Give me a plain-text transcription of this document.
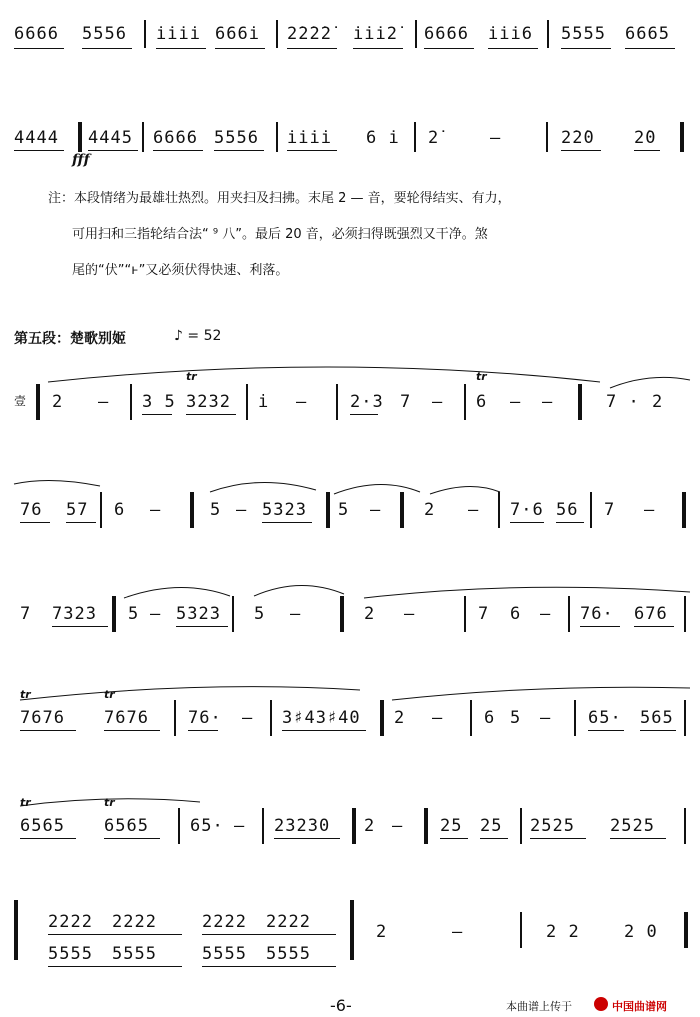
6666 5556 i̇i̇i̇i̇ 666i̇ 2̇2̇2̇2̇ i̇i̇i̇2̇ 6666 i̇i̇i̇6 5555 6665
4444 4445 6666 5556 i̇i̇i̇i̇ 6 i̇ 2̇	—	2̇2̇0 2̇0
fff
注：本段情绪为最雄壮热烈。用夹扫及扫拂。末尾 2̇ — 音，要轮得结实、有力，
可用扫和三指轮结合法“ ⁹ 八”。最后 2̇0 音，必须扫得既强烈又干净。煞
尾的“伏”“ⱶ”又必须伏得快速、利落。
第五段：楚歌别姬	♪ = 52
壹 2 — 3 5 3232 i —	2·3 7 —
tr
6 — —	7 · 2
tr
76 57 6 —	5 — 5323 5 —	2 — 7·6 56 7 —
7 7323 5 — 5323 5 —	2 —	7 6 — 76· 676
tr	tr
7676 7676 76· — 3♯43♯40 2 — 6 5 — 65· 565
tr	tr
6565 6565 65· — 23230 2 — 25 25 2525 2525
2222 2222	2222 2222
5555 5555	5555 5555
2	—	2 2	2 0
-6-	本曲谱上传于	中国曲谱网
